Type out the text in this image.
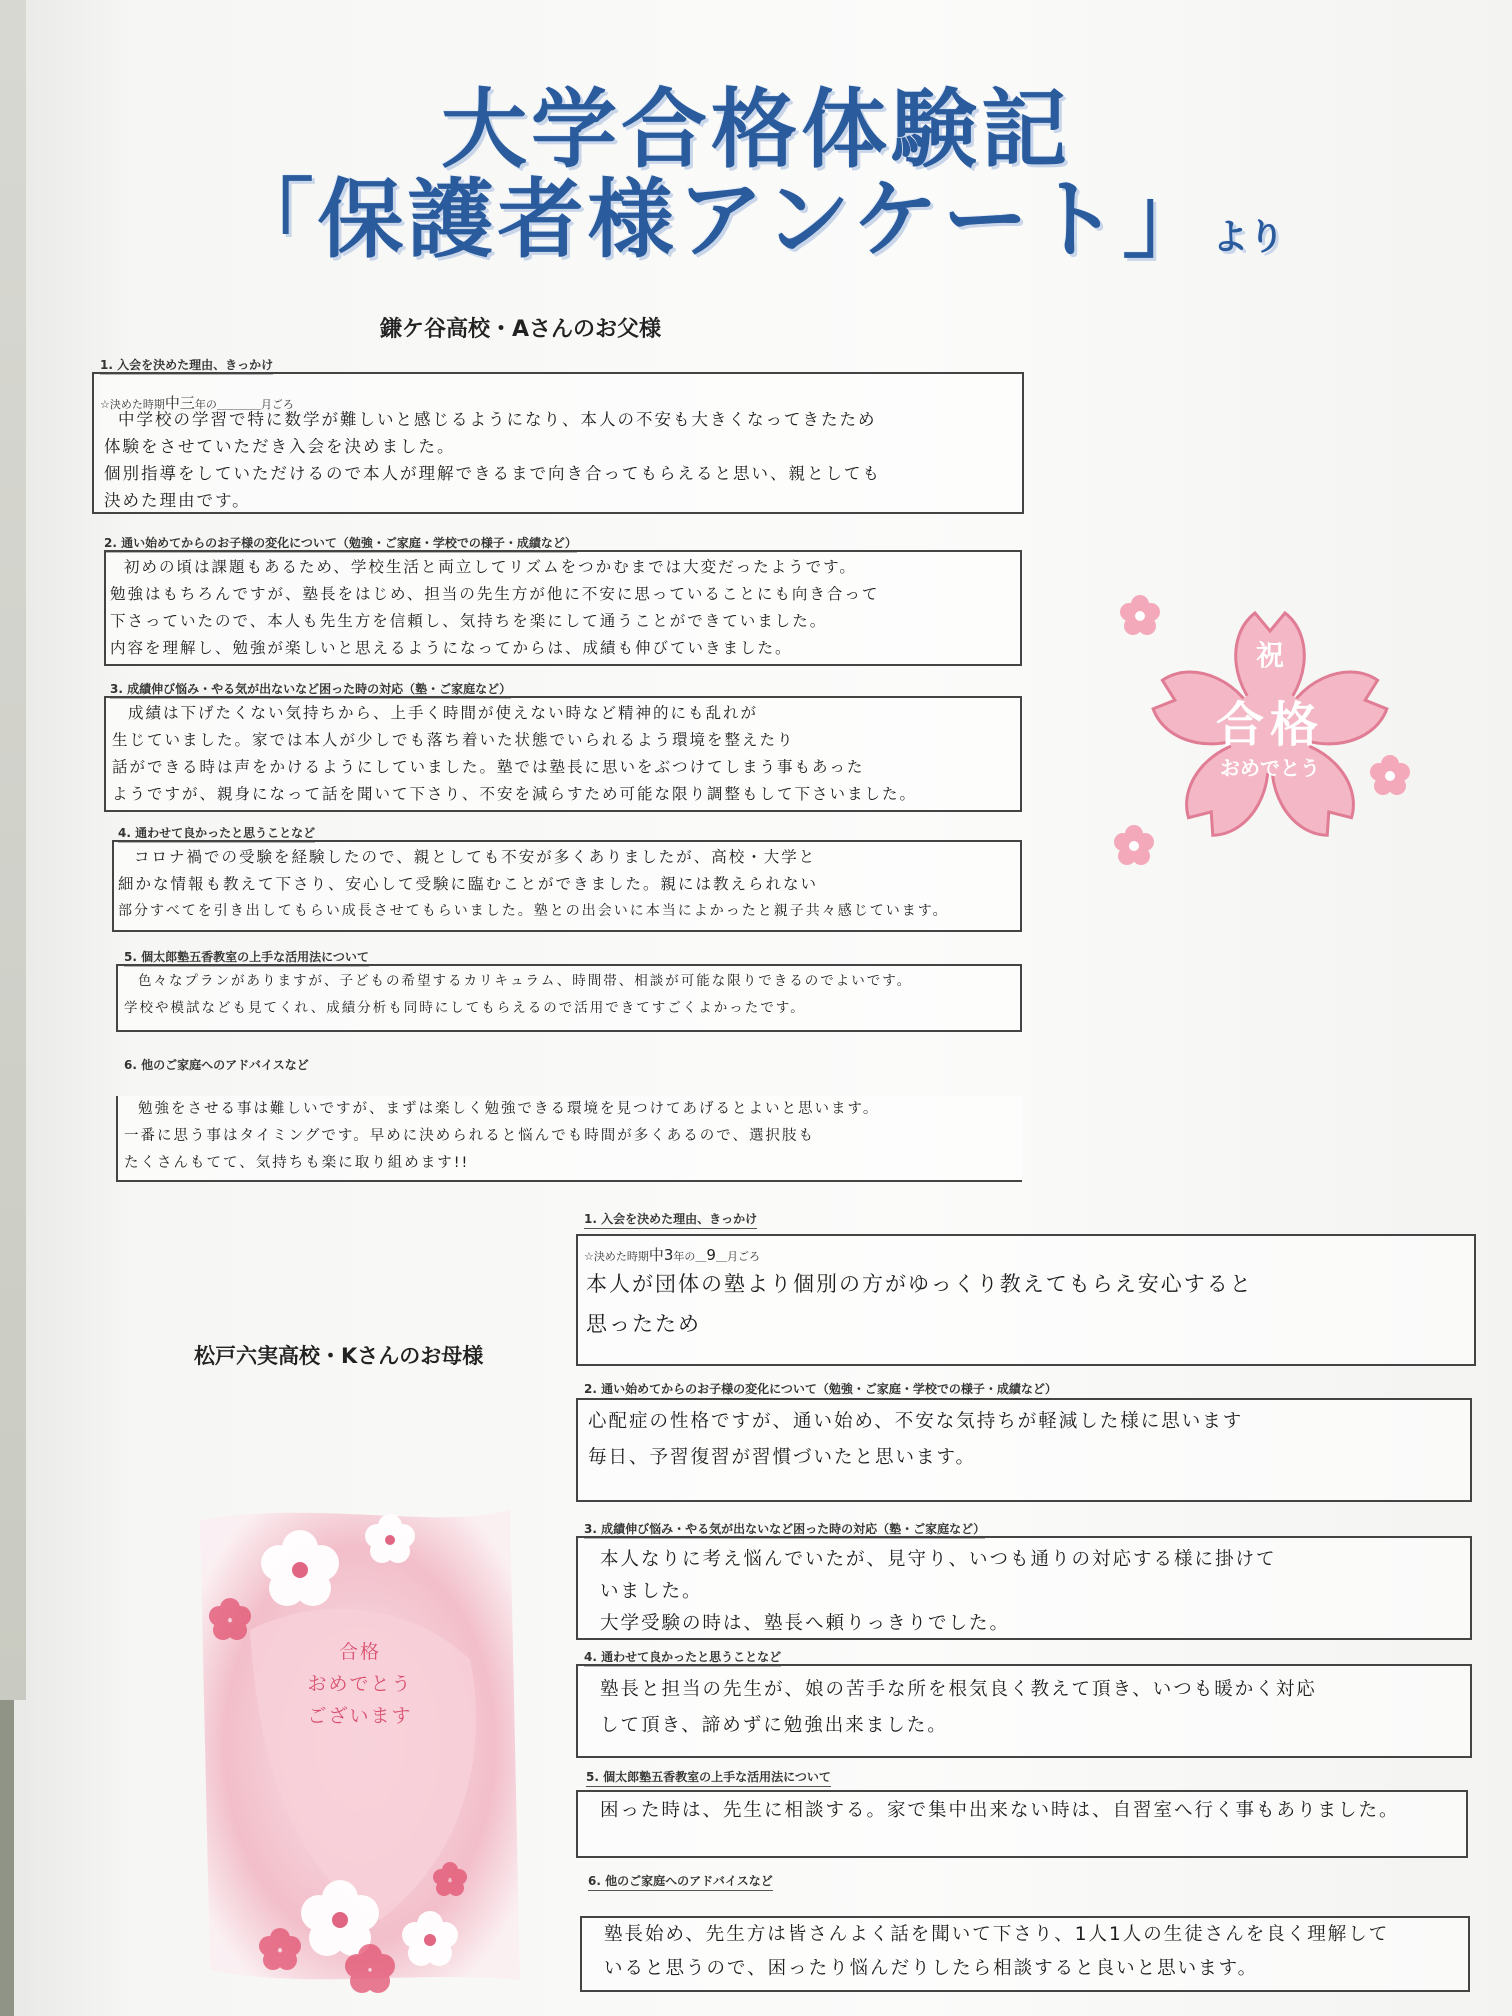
大学合格体験記
「保護者様アンケート」より
鎌ケ谷高校・Aさんのお父様
1. 入会を決めた理由、きっかけ
☆決めた時期中三年の＿＿＿＿月ごろ
中学校の学習で特に数学が難しいと感じるようになり、本人の不安も大きくなってきたため
体験をさせていただき入会を決めました。
個別指導をしていただけるので本人が理解できるまで向き合ってもらえると思い、親としても
決めた理由です。
2. 通い始めてからのお子様の変化について（勉強・ご家庭・学校での様子・成績など）
初めの頃は課題もあるため、学校生活と両立してリズムをつかむまでは大変だったようです。
勉強はもちろんですが、塾長をはじめ、担当の先生方が他に不安に思っていることにも向き合って
下さっていたので、本人も先生方を信頼し、気持ちを楽にして通うことができていました。
内容を理解し、勉強が楽しいと思えるようになってからは、成績も伸びていきました。
3. 成績伸び悩み・やる気が出ないなど困った時の対応（塾・ご家庭など）
成績は下げたくない気持ちから、上手く時間が使えない時など精神的にも乱れが
生じていました。家では本人が少しでも落ち着いた状態でいられるよう環境を整えたり
話ができる時は声をかけるようにしていました。塾では塾長に思いをぶつけてしまう事もあった
ようですが、親身になって話を聞いて下さり、不安を減らすため可能な限り調整もして下さいました。
4. 通わせて良かったと思うことなど
コロナ禍での受験を経験したので、親としても不安が多くありましたが、高校・大学と
細かな情報も教えて下さり、安心して受験に臨むことができました。親には教えられない
部分すべてを引き出してもらい成長させてもらいました。塾との出会いに本当によかったと親子共々感じています。
5. 個太郎塾五香教室の上手な活用法について
色々なプランがありますが、子どもの希望するカリキュラム、時間帯、相談が可能な限りできるのでよいです。
学校や模試なども見てくれ、成績分析も同時にしてもらえるので活用できてすごくよかったです。
6. 他のご家庭へのアドバイスなど
勉強をさせる事は難しいですが、まずは楽しく勉強できる環境を見つけてあげるとよいと思います。
一番に思う事はタイミングです。早めに決められると悩んでも時間が多くあるので、選択肢も
たくさんもてて、気持ちも楽に取り組めます!!
祝
合格
おめでとう
松戸六実高校・Kさんのお母様
1. 入会を決めた理由、きっかけ
☆決めた時期中3年の＿9＿月ごろ
本人が団体の塾より個別の方がゆっくり教えてもらえ安心すると
思ったため
2. 通い始めてからのお子様の変化について（勉強・ご家庭・学校での様子・成績など）
心配症の性格ですが、通い始め、不安な気持ちが軽減した様に思います
毎日、予習復習が習慣づいたと思います。
3. 成績伸び悩み・やる気が出ないなど困った時の対応（塾・ご家庭など）
本人なりに考え悩んでいたが、見守り、いつも通りの対応する様に掛けて
いました。
大学受験の時は、塾長へ頼りっきりでした。
4. 通わせて良かったと思うことなど
塾長と担当の先生が、娘の苦手な所を根気良く教えて頂き、いつも暖かく対応
して頂き、諦めずに勉強出来ました。
5. 個太郎塾五香教室の上手な活用法について
困った時は、先生に相談する。家で集中出来ない時は、自習室へ行く事もありました。
6. 他のご家庭へのアドバイスなど
塾長始め、先生方は皆さんよく話を聞いて下さり、1人1人の生徒さんを良く理解して
いると思うので、困ったり悩んだりしたら相談すると良いと思います。
合格
おめでとう
ございます
